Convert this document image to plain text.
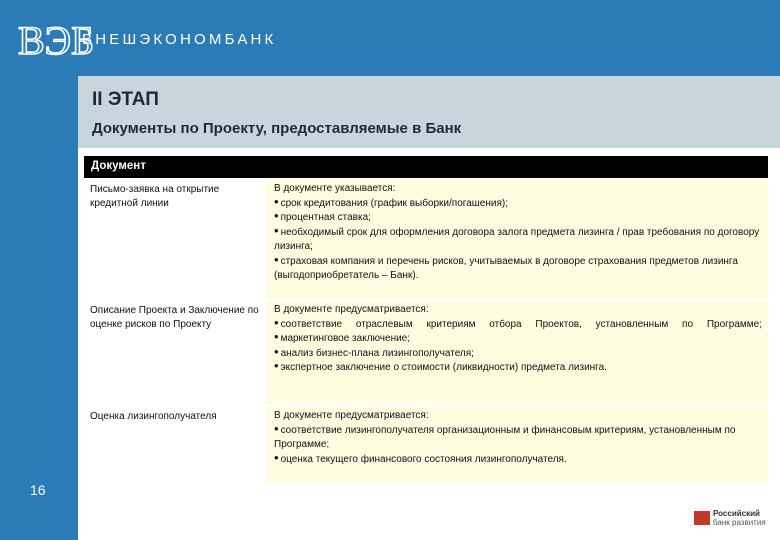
ВЭБ
ВНЕШЭКОНОМБАНК
II ЭТАП
Документы по Проекту, предоставляемые в Банк
Документ
Письмо-заявка на открытие кредитной линии
В документе указывается:
• срок кредитования (график выборки/погашения);
• процентная ставка;
• необходимый срок для оформления договора залога предмета лизинга / прав требования по договору лизинга;
• страховая компания и перечень рисков, учитываемых в договоре страхования предметов лизинга (выгодоприобретатель – Банк).
Описание Проекта и Заключение по оценке рисков по Проекту
В документе предусматривается:
• соответствие отраслевым критериям отбора Проектов, установленным по Программе;
• маркетинговое заключение;
• анализ бизнес-плана лизингополучателя;
• экспертное заключение о стоимости (ликвидности) предмета лизинга.
Оценка лизингополучателя	В документе предусматривается:
• соответствие лизингополучателя организационным и финансовым критериям, установленным по Программе;
• оценка текущего финансового состояния лизингополучателя.
16
Российский
банк развития
